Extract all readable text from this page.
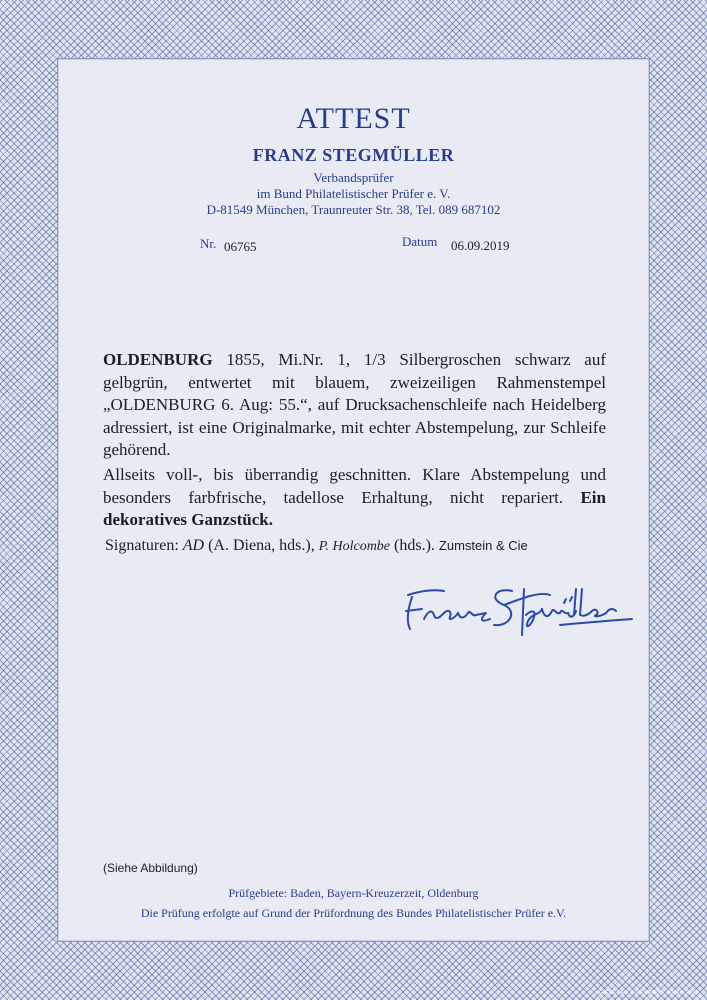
ATTEST
FRANZ STEGMÜLLER
Verbandsprüfer
im Bund Philatelistischer Prüfer e. V.
D-81549 München, Traunreuter Str. 38, Tel. 089 687102
Nr. 06765	Datum 06.09.2019
OLDENBURG 1855, Mi.Nr. 1, 1/3 Silbergroschen schwarz auf gelbgrün, entwertet mit blauem, zweizeiligen Rahmenstempel „OLDENBURG 6. Aug: 55.“, auf Drucksachenschleife nach Heidelberg adressiert, ist eine Originalmarke, mit echter Abstempelung, zur Schleife gehörend.
Allseits voll-, bis überrandig geschnitten. Klare Abstempelung und besonders farbfrische, tadellose Erhaltung, nicht repariert. Ein dekoratives Ganzstück.
Signaturen: AD (A. Diena, hds.), P. Holcombe (hds.). Zumstein & Cie
(Siehe Abbildung)
Prüfgebiete: Baden, Bayern-Kreuzerzeit, Oldenburg
Die Prüfung erfolgte auf Grund der Prüfordnung des Bundes Philatelistischer Prüfer e.V.
GIESECKE & DEVRIENT GMBH 2019
